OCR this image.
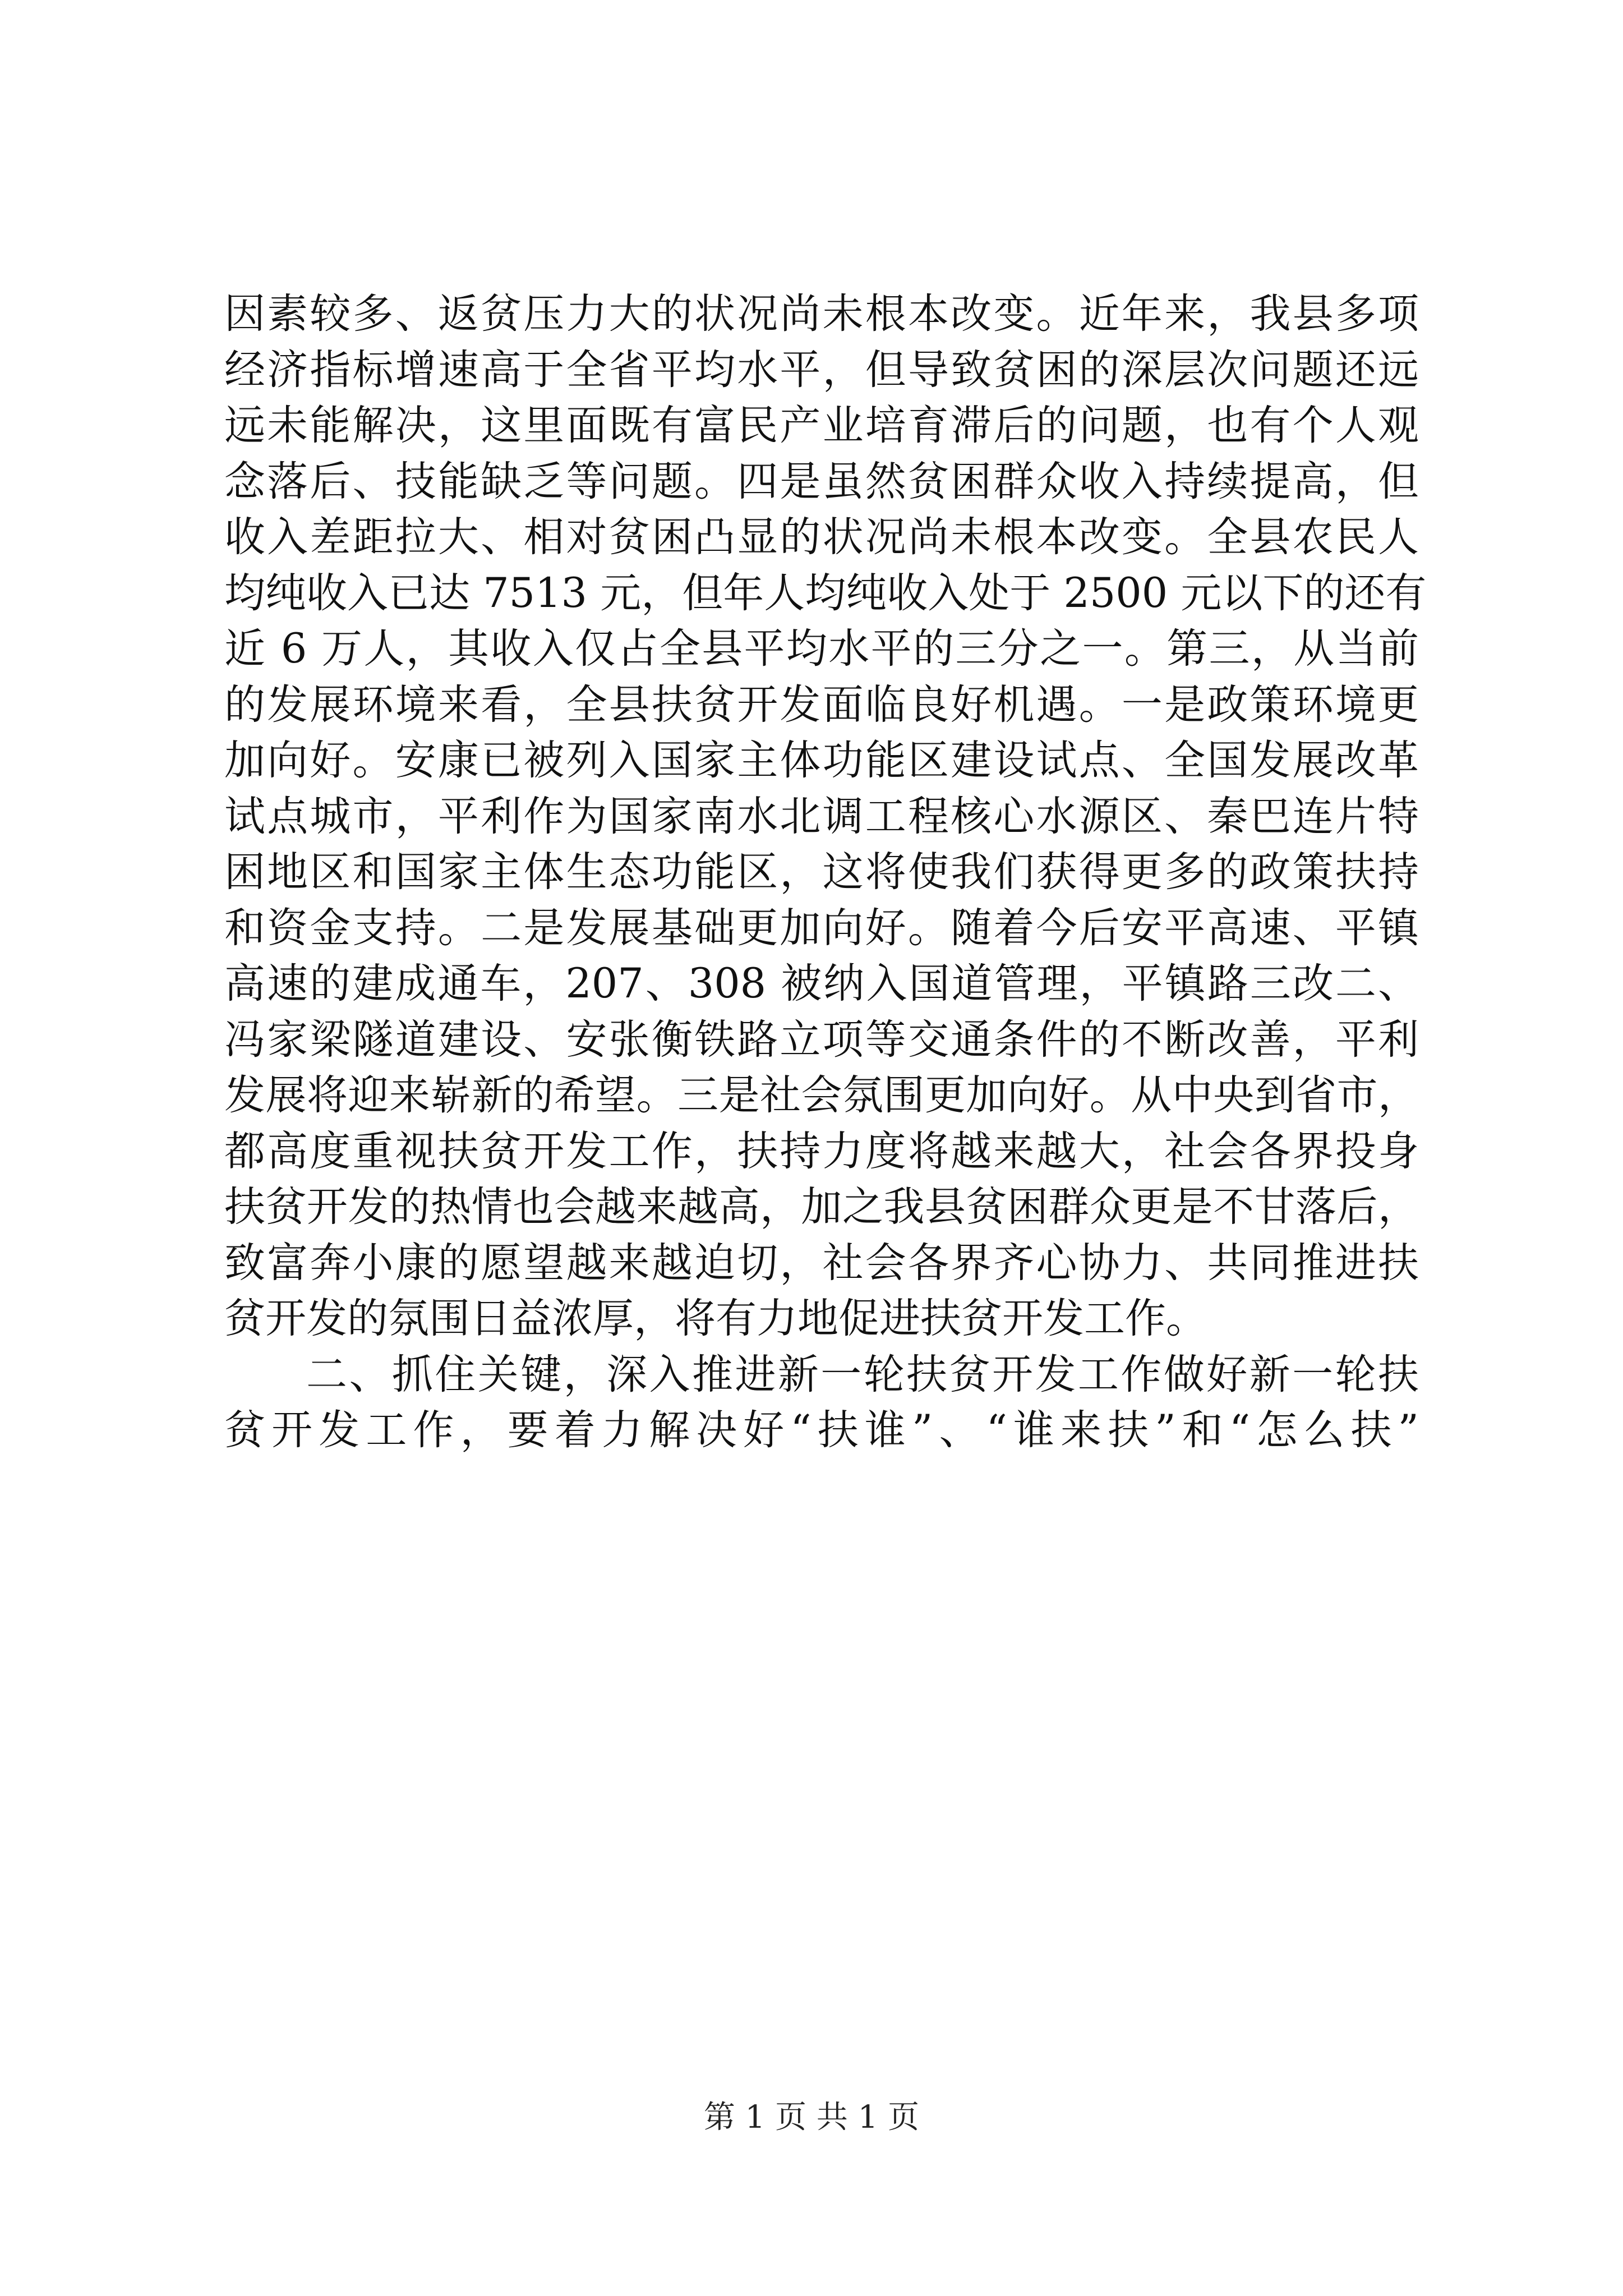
因素较多、返贫压力大的状况尚未根本改变。近年来，我县多项
经济指标增速高于全省平均水平，但导致贫困的深层次问题还远
远未能解决，这里面既有富民产业培育滞后的问题，也有个人观
念落后、技能缺乏等问题。四是虽然贫困群众收入持续提高，但
收入差距拉大、相对贫困凸显的状况尚未根本改变。全县农民人
均纯收入已达 7513 元，但年人均纯收入处于 2500 元以下的还有
近 6 万人，其收入仅占全县平均水平的三分之一。第三，从当前
的发展环境来看，全县扶贫开发面临良好机遇。一是政策环境更
加向好。安康已被列入国家主体功能区建设试点、全国发展改革
试点城市，平利作为国家南水北调工程核心水源区、秦巴连片特
困地区和国家主体生态功能区，这将使我们获得更多的政策扶持
和资金支持。二是发展基础更加向好。随着今后安平高速、平镇
高速的建成通车，207、308 被纳入国道管理，平镇路三改二、
冯家梁隧道建设、安张衡铁路立项等交通条件的不断改善，平利
发展将迎来崭新的希望。三是社会氛围更加向好。从中央到省市，
都高度重视扶贫开发工作，扶持力度将越来越大，社会各界投身
扶贫开发的热情也会越来越高，加之我县贫困群众更是不甘落后，
致富奔小康的愿望越来越迫切，社会各界齐心协力、共同推进扶
贫开发的氛围日益浓厚，将有力地促进扶贫开发工作。
二、抓住关键，深入推进新一轮扶贫开发工作做好新一轮扶
贫开发工作，要着力解决好“扶谁”、“谁来扶”和“怎么扶”
第 1 页 共 1 页
